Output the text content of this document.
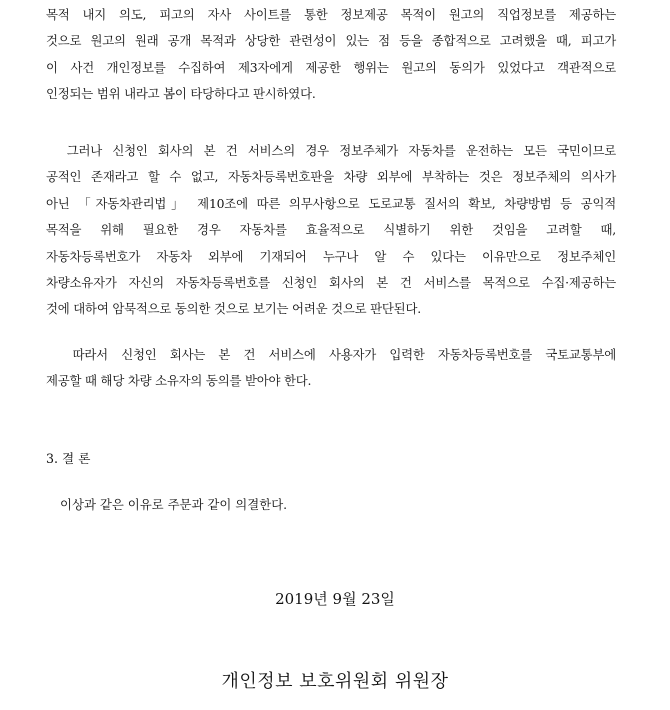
목적 내지 의도, 피고의 자사 사이트를 통한 정보제공 목적이 원고의 직업정보를 제공하는
것으로 원고의 원래 공개 목적과 상당한 관련성이 있는 점 등을 종합적으로 고려했을 때, 피고가
이 사건 개인정보를 수집하여 제3자에게 제공한 행위는 원고의 동의가 있었다고 객관적으로
인정되는 범위 내라고 봄이 타당하다고 판시하였다.

그러나 신청인 회사의 본 건 서비스의 경우 정보주체가 자동차를 운전하는 모든 국민이므로
공적인 존재라고 할 수 없고, 자동차등록번호판을 차량 외부에 부착하는 것은 정보주체의 의사가
아닌 「자동차관리법」 제10조에 따른 의무사항으로 도로교통 질서의 확보, 차량방범 등 공익적
목적을 위해 필요한 경우 자동차를 효율적으로 식별하기 위한 것임을 고려할 때,
자동차등록번호가 자동차 외부에 기재되어 누구나 알 수 있다는 이유만으로 정보주체인
차량소유자가 자신의 자동차등록번호를 신청인 회사의 본 건 서비스를 목적으로 수집·제공하는
것에 대하여 암묵적으로 동의한 것으로 보기는 어려운 것으로 판단된다.

따라서 신청인 회사는 본 건 서비스에 사용자가 입력한 자동차등록번호를 국토교통부에
제공할 때 해당 차량 소유자의 동의를 받아야 한다.

3. 결 론

이상과 같은 이유로 주문과 같이 의결한다.

2019년 9월 23일

개인정보 보호위원회 위원장
